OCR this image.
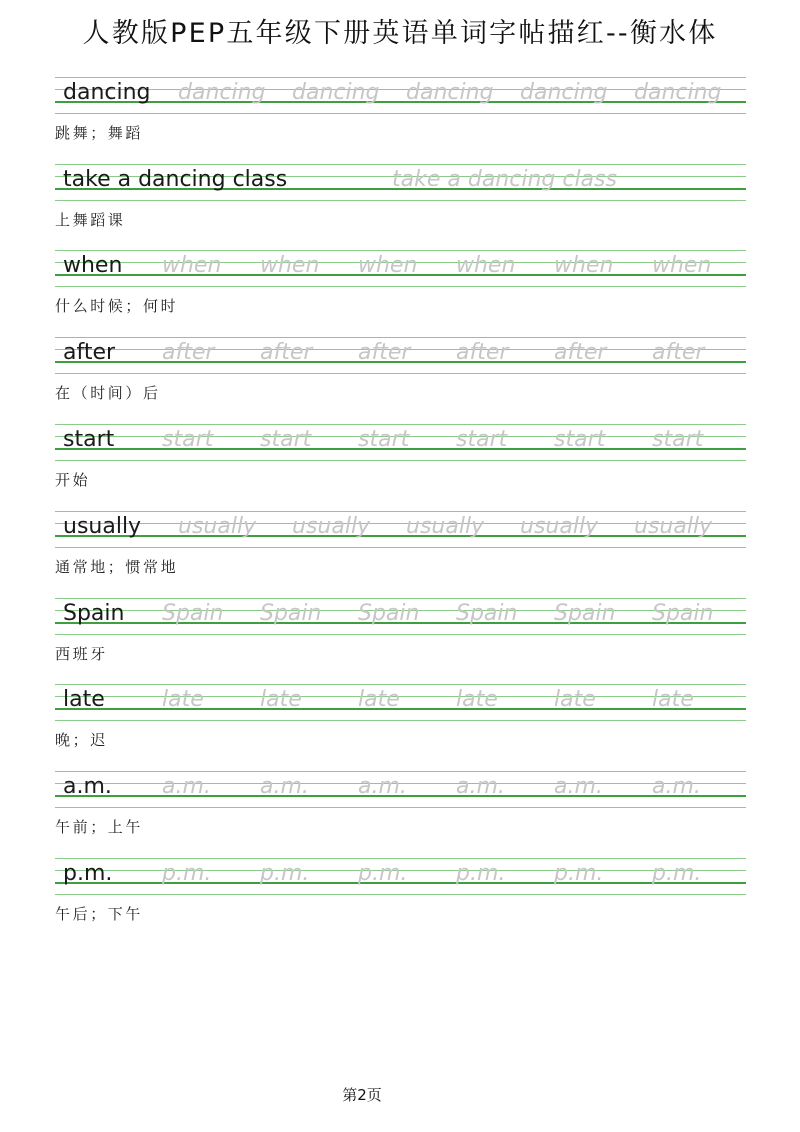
人教版PEP五年级下册英语单词字帖描红--衡水体
dancing dancing dancing dancing dancing dancing
跳舞；舞蹈
take a dancing class	take a dancing class
上舞蹈课
when when when when when when when
什么时候；何时
after after after after after after after
在（时间）后
start start start start start start start
开始
usually usually usually usually usually usually
通常地；惯常地
Spain Spain Spain Spain Spain Spain Spain
西班牙
late	late	late	late	late	late	late
晚；迟
a.m. a.m. a.m. a.m. a.m. a.m. a.m.
午前；上午
p.m. p.m. p.m. p.m. p.m. p.m. p.m.
午后；下午
第2页
